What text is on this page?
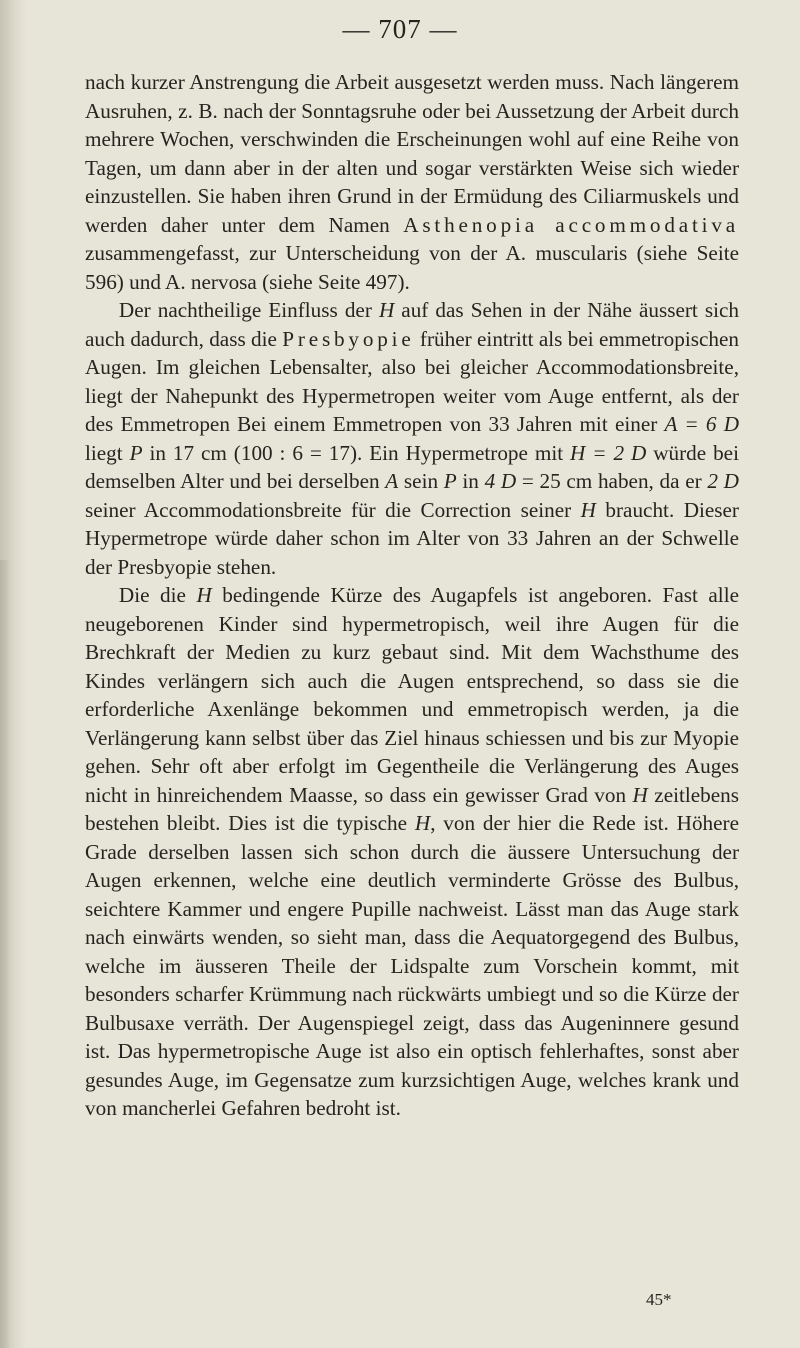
— 707 —

nach kurzer Anstrengung die Arbeit ausgesetzt werden muss. Nach längerem Ausruhen, z. B. nach der Sonntagsruhe oder bei Aussetzung der Arbeit durch mehrere Wochen, verschwinden die Erscheinungen wohl auf eine Reihe von Tagen, um dann aber in der alten und sogar verstärkten Weise sich wieder einzustellen. Sie haben ihren Grund in der Ermüdung des Ciliarmuskels und werden daher unter dem Namen Asthenopia accommodativa zusammengefasst, zur Unterscheidung von der A. muscularis (siehe Seite 596) und A. nervosa (siehe Seite 497).

Der nachtheilige Einfluss der H auf das Sehen in der Nähe äussert sich auch dadurch, dass die Presbyopie früher eintritt als bei emmetropischen Augen. Im gleichen Lebensalter, also bei gleicher Accommodationsbreite, liegt der Nahepunkt des Hypermetropen weiter vom Auge entfernt, als der des Emmetropen Bei einem Emmetropen von 33 Jahren mit einer A = 6 D liegt P in 17 cm (100 : 6 = 17). Ein Hypermetrope mit H = 2 D würde bei demselben Alter und bei derselben A sein P in 4 D = 25 cm haben, da er 2 D seiner Accommodationsbreite für die Correction seiner H braucht. Dieser Hypermetrope würde daher schon im Alter von 33 Jahren an der Schwelle der Presbyopie stehen.

Die die H bedingende Kürze des Augapfels ist angeboren. Fast alle neugeborenen Kinder sind hypermetropisch, weil ihre Augen für die Brechkraft der Medien zu kurz gebaut sind. Mit dem Wachsthume des Kindes verlängern sich auch die Augen entsprechend, so dass sie die erforderliche Axenlänge bekommen und emmetropisch werden, ja die Verlängerung kann selbst über das Ziel hinaus schiessen und bis zur Myopie gehen. Sehr oft aber erfolgt im Gegentheile die Verlängerung des Auges nicht in hinreichendem Maasse, so dass ein gewisser Grad von H zeitlebens bestehen bleibt. Dies ist die typische H, von der hier die Rede ist. Höhere Grade derselben lassen sich schon durch die äussere Untersuchung der Augen erkennen, welche eine deutlich verminderte Grösse des Bulbus, seichtere Kammer und engere Pupille nachweist. Lässt man das Auge stark nach einwärts wenden, so sieht man, dass die Aequatorgegend des Bulbus, welche im äusseren Theile der Lidspalte zum Vorschein kommt, mit besonders scharfer Krümmung nach rückwärts umbiegt und so die Kürze der Bulbusaxe verräth. Der Augenspiegel zeigt, dass das Augeninnere gesund ist. Das hypermetropische Auge ist also ein optisch fehlerhaftes, sonst aber gesundes Auge, im Gegensatze zum kurzsichtigen Auge, welches krank und von mancherlei Gefahren bedroht ist.

45*
